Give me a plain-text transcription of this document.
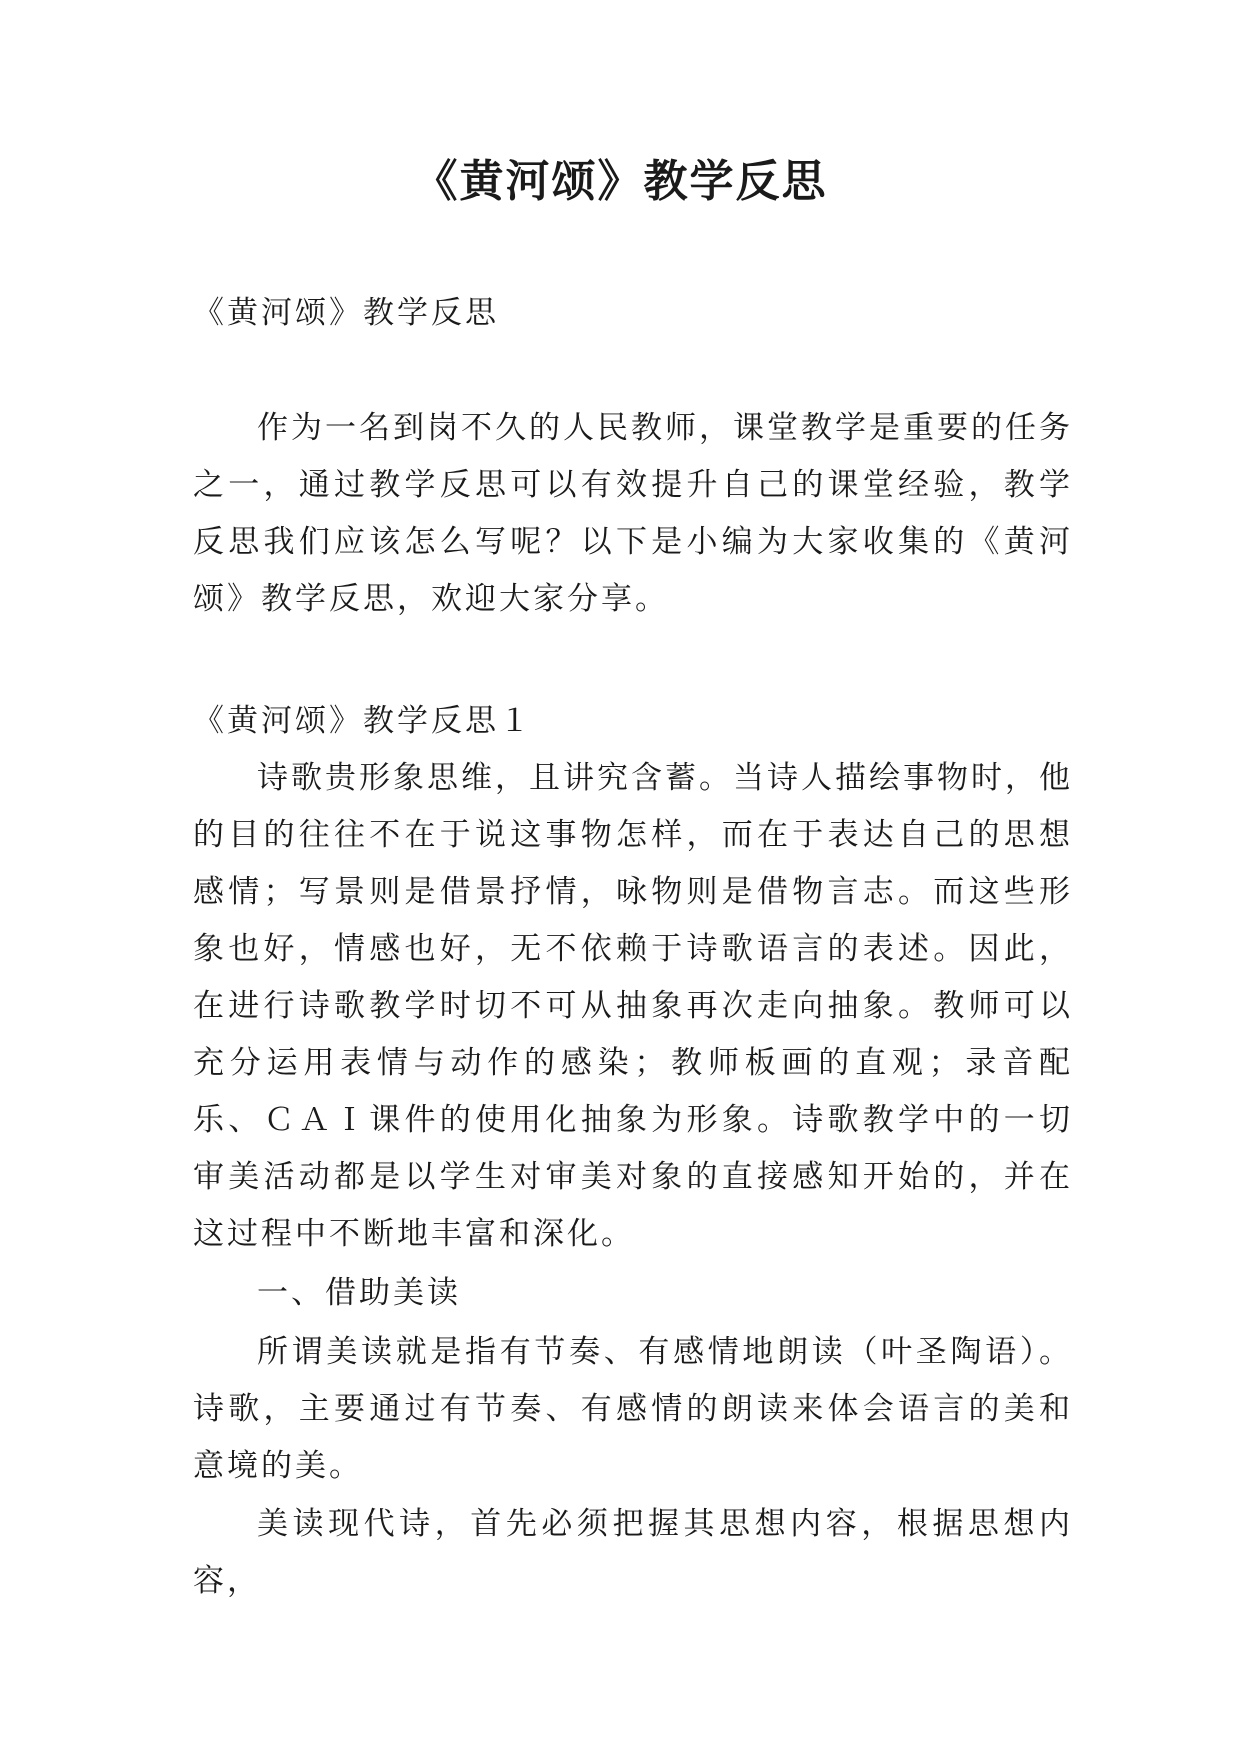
《黄河颂》教学反思

《黄河颂》教学反思

作为一名到岗不久的人民教师，课堂教学是重要的任务之一，通过教学反思可以有效提升自己的课堂经验，教学反思我们应该怎么写呢？以下是小编为大家收集的《黄河颂》教学反思，欢迎大家分享。

《黄河颂》教学反思１

诗歌贵形象思维，且讲究含蓄。当诗人描绘事物时，他的目的往往不在于说这事物怎样，而在于表达自己的思想感情；写景则是借景抒情，咏物则是借物言志。而这些形象也好，情感也好，无不依赖于诗歌语言的表述。因此，在进行诗歌教学时切不可从抽象再次走向抽象。教师可以充分运用表情与动作的感染；教师板画的直观；录音配乐、ＣＡＩ课件的使用化抽象为形象。诗歌教学中的一切审美活动都是以学生对审美对象的直接感知开始的，并在这过程中不断地丰富和深化。

一、借助美读

所谓美读就是指有节奏、有感情地朗读（叶圣陶语）。诗歌，主要通过有节奏、有感情的朗读来体会语言的美和意境的美。

美读现代诗，首先必须把握其思想内容，根据思想内容，
